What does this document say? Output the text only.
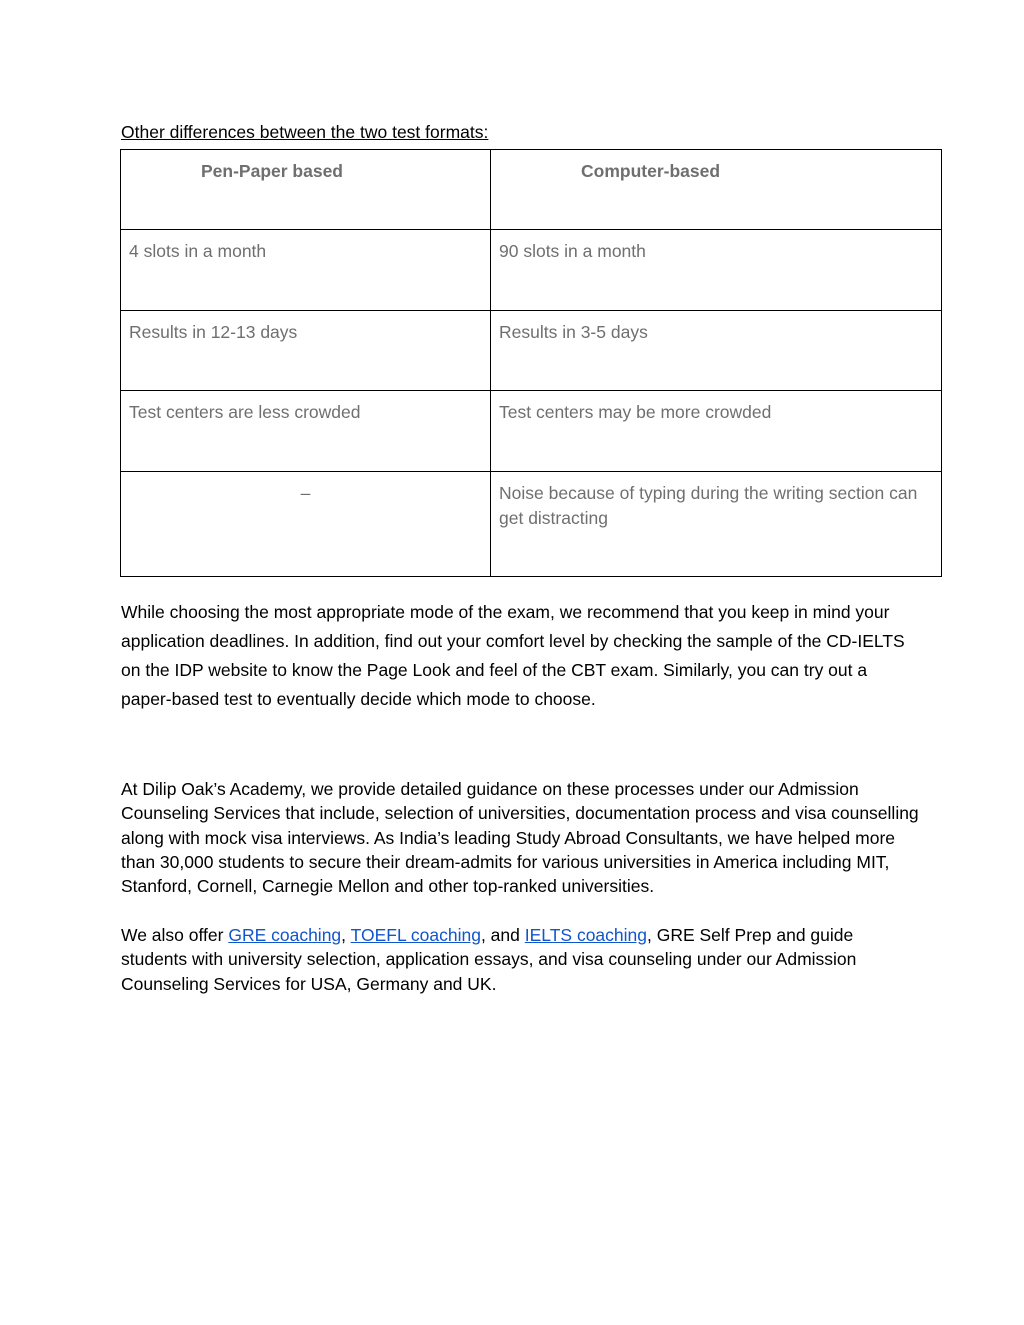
Other differences between the two test formats:
Pen-Paper based	Computer-based

4 slots in a month	90 slots in a month

Results in 12-13 days	Results in 3-5 days

Test centers are less crowded	Test centers may be more crowded

–	Noise because of typing during the writing section can get distracting

While choosing the most appropriate mode of the exam, we recommend that you keep in mind your application deadlines. In addition, find out your comfort level by checking the sample of the CD-IELTS on the IDP website to know the Page Look and feel of the CBT exam. Similarly, you can try out a paper-based test to eventually decide which mode to choose.

At Dilip Oak’s Academy, we provide detailed guidance on these processes under our Admission Counseling Services that include, selection of universities, documentation process and visa counselling along with mock visa interviews. As India’s leading Study Abroad Consultants, we have helped more than 30,000 students to secure their dream-admits for various universities in America including MIT, Stanford, Cornell, Carnegie Mellon and other top-ranked universities.

We also offer GRE coaching, TOEFL coaching, and IELTS coaching, GRE Self Prep and guide students with university selection, application essays, and visa counseling under our Admission Counseling Services for USA, Germany and UK.
